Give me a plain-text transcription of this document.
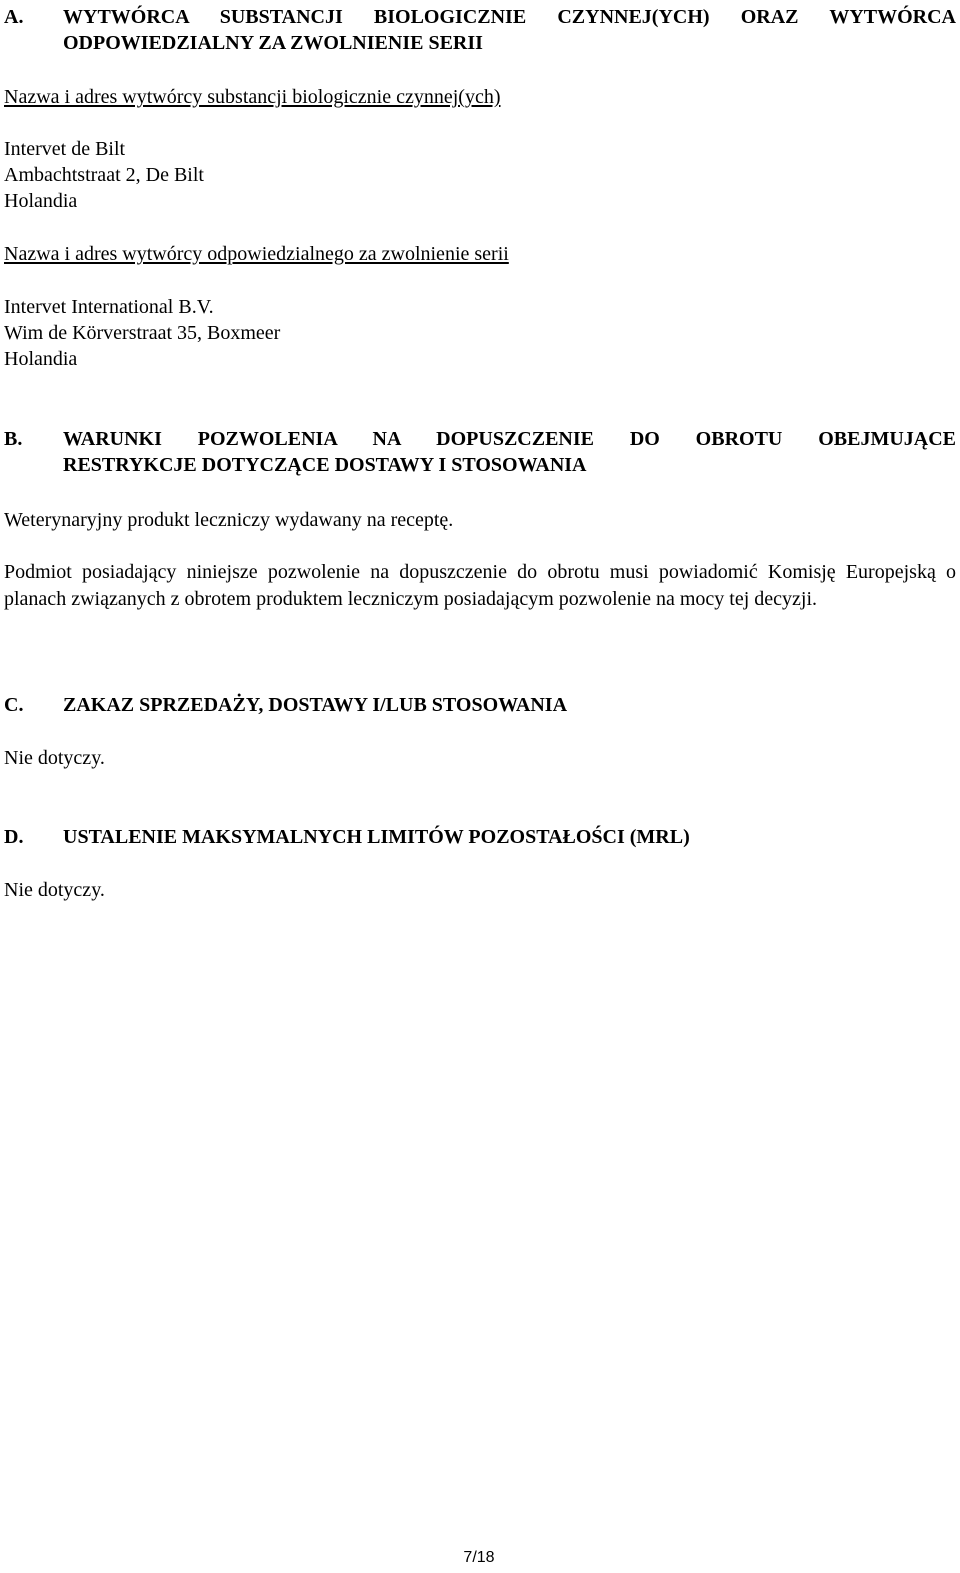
A.	WYTWÓRCA SUBSTANCJI BIOLOGICZNIE CZYNNEJ(YCH) ORAZ WYTWÓRCA
ODPOWIEDZIALNY ZA ZWOLNIENIE SERII

Nazwa i adres wytwórcy substancji biologicznie czynnej(ych)

Intervet de Bilt

Ambachtstraat 2, De Bilt

Holandia

Nazwa i adres wytwórcy odpowiedzialnego za zwolnienie serii

Intervet International B.V.

Wim de Körverstraat 35, Boxmeer

Holandia

B.	WARUNKI POZWOLENIA NA DOPUSZCZENIE DO OBROTU OBEJMUJĄCE
RESTRYKCJE DOTYCZĄCE DOSTAWY I STOSOWANIA

Weterynaryjny produkt leczniczy wydawany na receptę.

Podmiot posiadający niniejsze pozwolenie na dopuszczenie do obrotu musi powiadomić Komisję Europejską o planach związanych z obrotem produktem leczniczym posiadającym pozwolenie na mocy tej decyzji.

C.	ZAKAZ SPRZEDAŻY, DOSTAWY I/LUB STOSOWANIA

Nie dotyczy.

D.	USTALENIE MAKSYMALNYCH LIMITÓW POZOSTAŁOŚCI (MRL)

Nie dotyczy.

7/18
